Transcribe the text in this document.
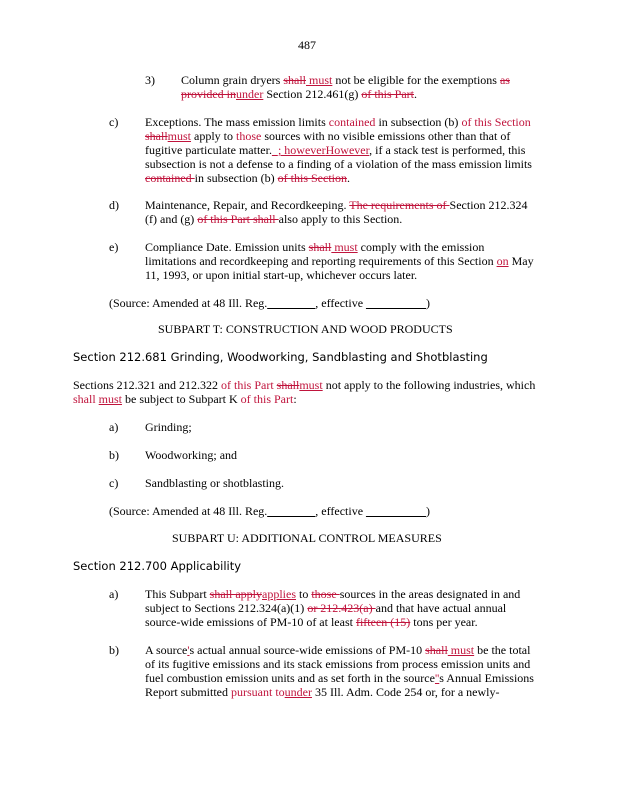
487
3)
c)
d)
e)
a)
b)
c)
a)
b)
Column grain dryers shall must not be eligible for the exemptions as
provided inunder Section 212.461(g) of this Part.
Exceptions. The mass emission limits contained in subsection (b) of this Section
shallmust apply to those sources with no visible emissions other than that of
fugitive particulate matter._; howeverHowever, if a stack test is performed, this
subsection is not a defense to a finding of a violation of the mass emission limits
contained in subsection (b) of this Section.
Maintenance, Repair, and Recordkeeping. The requirements of Section 212.324
(f) and (g) of this Part shall also apply to this Section.
Compliance Date. Emission units shall must comply with the emission
limitations and recordkeeping and reporting requirements of this Section on May
11, 1993, or upon initial start-up, whichever occurs later.
(Source: Amended at 48 Ill. Reg.________, effective __________)
SUBPART T: CONSTRUCTION AND WOOD PRODUCTS
Section 212.681 Grinding, Woodworking, Sandblasting and Shotblasting
Sections 212.321 and 212.322 of this Part shallmust not apply to the following industries, which
shall must be subject to Subpart K of this Part:
Grinding;
Woodworking; and
Sandblasting or shotblasting.
(Source: Amended at 48 Ill. Reg.________, effective __________)
SUBPART U: ADDITIONAL CONTROL MEASURES
Section 212.700 Applicability
This Subpart shall applyapplies to those sources in the areas designated in and
subject to Sections 212.324(a)(1) or 212.423(a) and that have actual annual
source-wide emissions of PM-10 of at least fifteen (15) tons per year.
A source's actual annual source-wide emissions of PM-10 shall must be the total
of its fugitive emissions and its stack emissions from process emission units and
fuel combustion emission units and as set forth in the source''s Annual Emissions
Report submitted pursuant tounder 35 Ill. Adm. Code 254 or, for a newly-
